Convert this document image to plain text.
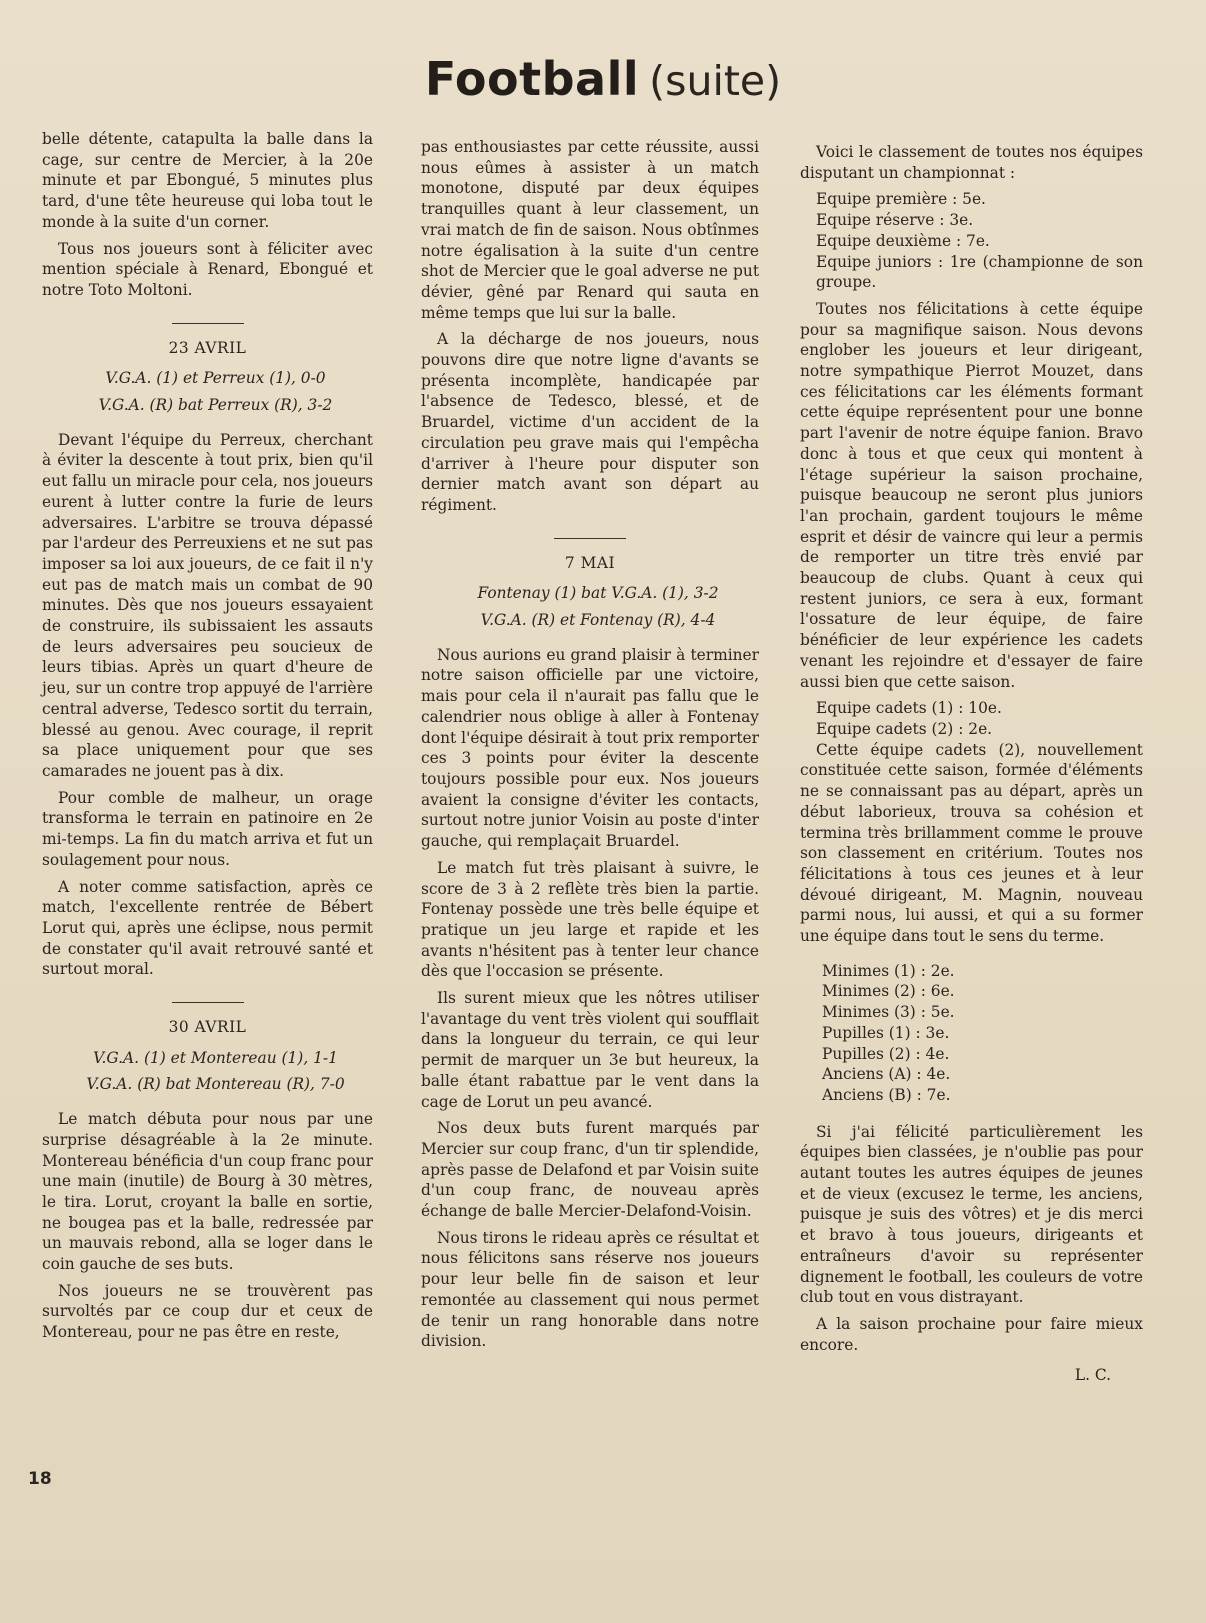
Football (suite)

belle détente, catapulta la balle dans la cage, sur centre de Mercier, à la 20e minute et par Ebongué, 5 minutes plus tard, d'une tête heureuse qui loba tout le monde à la suite d'un corner.

Tous nos joueurs sont à féliciter avec mention spéciale à Renard, Ebongué et notre Toto Moltoni.

23 AVRIL

V.G.A. (1) et Perreux (1), 0-0

V.G.A. (R) bat Perreux (R), 3-2

Devant l'équipe du Perreux, cherchant à éviter la descente à tout prix, bien qu'il eut fallu un miracle pour cela, nos joueurs eurent à lutter contre la furie de leurs adversaires. L'arbitre se trouva dépassé par l'ardeur des Perreuxiens et ne sut pas imposer sa loi aux joueurs, de ce fait il n'y eut pas de match mais un combat de 90 minutes. Dès que nos joueurs essayaient de construire, ils subissaient les assauts de leurs adversaires peu soucieux de leurs tibias. Après un quart d'heure de jeu, sur un contre trop appuyé de l'arrière central adverse, Tedesco sortit du terrain, blessé au genou. Avec courage, il reprit sa place uniquement pour que ses camarades ne jouent pas à dix.

Pour comble de malheur, un orage transforma le terrain en patinoire en 2e mi-temps. La fin du match arriva et fut un soulagement pour nous.

A noter comme satisfaction, après ce match, l'excellente rentrée de Bébert Lorut qui, après une éclipse, nous permit de constater qu'il avait retrouvé santé et surtout moral.

30 AVRIL

V.G.A. (1) et Montereau (1), 1-1

V.G.A. (R) bat Montereau (R), 7-0

Le match débuta pour nous par une surprise désagréable à la 2e minute. Montereau bénéficia d'un coup franc pour une main (inutile) de Bourg à 30 mètres, le tira. Lorut, croyant la balle en sortie, ne bougea pas et la balle, redressée par un mauvais rebond, alla se loger dans le coin gauche de ses buts.

Nos joueurs ne se trouvèrent pas survoltés par ce coup dur et ceux de Montereau, pour ne pas être en reste,

pas enthousiastes par cette réussite, aussi nous eûmes à assister à un match monotone, disputé par deux équipes tranquilles quant à leur classement, un vrai match de fin de saison. Nous obtînmes notre égalisation à la suite d'un centre shot de Mercier que le goal adverse ne put dévier, gêné par Renard qui sauta en même temps que lui sur la balle.

A la décharge de nos joueurs, nous pouvons dire que notre ligne d'avants se présenta incomplète, handicapée par l'absence de Tedesco, blessé, et de Bruardel, victime d'un accident de la circulation peu grave mais qui l'empêcha d'arriver à l'heure pour disputer son dernier match avant son départ au régiment.

7 MAI

Fontenay (1) bat V.G.A. (1), 3-2

V.G.A. (R) et Fontenay (R), 4-4

Nous aurions eu grand plaisir à terminer notre saison officielle par une victoire, mais pour cela il n'aurait pas fallu que le calendrier nous oblige à aller à Fontenay dont l'équipe désirait à tout prix remporter ces 3 points pour éviter la descente toujours possible pour eux. Nos joueurs avaient la consigne d'éviter les contacts, surtout notre junior Voisin au poste d'inter gauche, qui remplaçait Bruardel.

Le match fut très plaisant à suivre, le score de 3 à 2 reflète très bien la partie. Fontenay possède une très belle équipe et pratique un jeu large et rapide et les avants n'hésitent pas à tenter leur chance dès que l'occasion se présente.

Ils surent mieux que les nôtres utiliser l'avantage du vent très violent qui soufflait dans la longueur du terrain, ce qui leur permit de marquer un 3e but heureux, la balle étant rabattue par le vent dans la cage de Lorut un peu avancé.

Nos deux buts furent marqués par Mercier sur coup franc, d'un tir splendide, après passe de Delafond et par Voisin suite d'un coup franc, de nouveau après échange de balle Mercier-Delafond-Voisin.

Nous tirons le rideau après ce résultat et nous félicitons sans réserve nos joueurs pour leur belle fin de saison et leur remontée au classement qui nous permet de tenir un rang honorable dans notre division.

Voici le classement de toutes nos équipes disputant un championnat :

Equipe première : 5e.
Equipe réserve : 3e.
Equipe deuxième : 7e.
Equipe juniors : 1re (championne de son groupe.

Toutes nos félicitations à cette équipe pour sa magnifique saison. Nous devons englober les joueurs et leur dirigeant, notre sympathique Pierrot Mouzet, dans ces félicitations car les éléments formant cette équipe représentent pour une bonne part l'avenir de notre équipe fanion. Bravo donc à tous et que ceux qui montent à l'étage supérieur la saison prochaine, puisque beaucoup ne seront plus juniors l'an prochain, gardent toujours le même esprit et désir de vaincre qui leur a permis de remporter un titre très envié par beaucoup de clubs. Quant à ceux qui restent juniors, ce sera à eux, formant l'ossature de leur équipe, de faire bénéficier de leur expérience les cadets venant les rejoindre et d'essayer de faire aussi bien que cette saison.

Equipe cadets (1) : 10e.
Equipe cadets (2) : 2e.

Cette équipe cadets (2), nouvellement constituée cette saison, formée d'éléments ne se connaissant pas au départ, après un début laborieux, trouva sa cohésion et termina très brillamment comme le prouve son classement en critérium. Toutes nos félicitations à tous ces jeunes et à leur dévoué dirigeant, M. Magnin, nouveau parmi nous, lui aussi, et qui a su former une équipe dans tout le sens du terme.

Minimes (1) : 2e.
Minimes (2) : 6e.
Minimes (3) : 5e.
Pupilles (1) : 3e.
Pupilles (2) : 4e.
Anciens (A) : 4e.
Anciens (B) : 7e.

Si j'ai félicité particulièrement les équipes bien classées, je n'oublie pas pour autant toutes les autres équipes de jeunes et de vieux (excusez le terme, les anciens, puisque je suis des vôtres) et je dis merci et bravo à tous joueurs, dirigeants et entraîneurs d'avoir su représenter dignement le football, les couleurs de votre club tout en vous distrayant.

A la saison prochaine pour faire mieux encore.

L. C.
18
